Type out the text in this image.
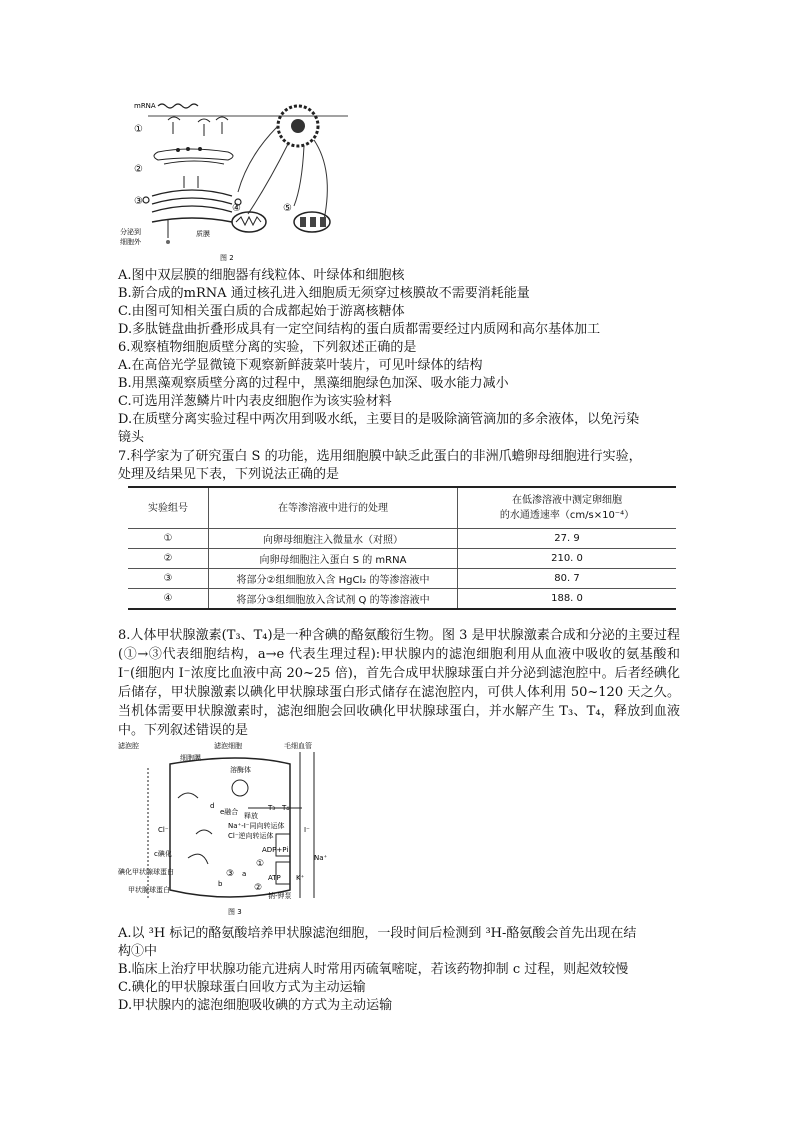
mRNA
①
②
③
分泌到
细胞外
质膜
④	⑤
图 2
A.图中双层膜的细胞器有线粒体、叶绿体和细胞核
B.新合成的mRNA 通过核孔进入细胞质无须穿过核膜故不需要消耗能量
C.由图可知相关蛋白质的合成都起始于游离核糖体
D.多肽链盘曲折叠形成具有一定空间结构的蛋白质都需要经过内质网和高尔基体加工
6.观察植物细胞质壁分离的实验，下列叙述正确的是
A.在高倍光学显微镜下观察新鲜菠菜叶装片，可见叶绿体的结构
B.用黑藻观察质壁分离的过程中，黑藻细胞绿色加深、吸水能力减小
C.可选用洋葱鳞片叶内表皮细胞作为该实验材料
D.在质壁分离实验过程中两次用到吸水纸，主要目的是吸除滴管滴加的多余液体，以免污染
镜头
7.科学家为了研究蛋白 S 的功能，选用细胞膜中缺乏此蛋白的非洲爪蟾卵母细胞进行实验，
处理及结果见下表，下列说法正确的是
实验组号	在等渗溶液中进行的处理	在低渗溶液中测定卵细胞
的水通透速率（cm/s×10⁻⁴）
①	向卵母细胞注入微量水（对照）	27. 9
②	向卵母细胞注入蛋白 S 的 mRNA	210. 0
③	将部分②组细胞放入含 HgCl₂ 的等渗溶液中	80. 7
④	将部分③组细胞放入含试剂 Q 的等渗溶液中	188. 0
8.人体甲状腺激素(T₃、T₄)是一种含碘的酪氨酸衍生物。图 3 是甲状腺激素合成和分泌的主要过程(①→③代表细胞结构，a→e 代表生理过程):甲状腺内的滤泡细胞利用从血液中吸收的氨基酸和 I⁻(细胞内 I⁻浓度比血液中高 20~25 倍)，首先合成甲状腺球蛋白并分泌到滤泡腔中。后者经碘化后储存，甲状腺激素以碘化甲状腺球蛋白形式储存在滤泡腔内，可供人体利用 50~120 天之久。当机体需要甲状腺激素时，滤泡细胞会回收碘化甲状腺球蛋白，并水解产生 T₃、T₄，释放到血液中。下列叙述错误的是
滤泡腔	滤泡细胞	毛细血管
细胞膜
溶酶体
e融合 释放
T₃ T₄
Na⁺-I⁻同向转运体
Cl⁻逆向转运体
Cl⁻	I⁻
d
c碘化	ADP+Pi
Na⁺
③ a	ATP K⁺
①
②
b
钠-钾泵
碘化甲状腺球蛋白
甲状腺球蛋白
图 3
A.以 ³H 标记的酪氨酸培养甲状腺滤泡细胞，一段时间后检测到 ³H-酪氨酸会首先出现在结
构①中
B.临床上治疗甲状腺功能亢进病人时常用丙硫氧嘧啶，若该药物抑制 c 过程，则起效较慢
C.碘化的甲状腺球蛋白回收方式为主动运输
D.甲状腺内的滤泡细胞吸收碘的方式为主动运输
